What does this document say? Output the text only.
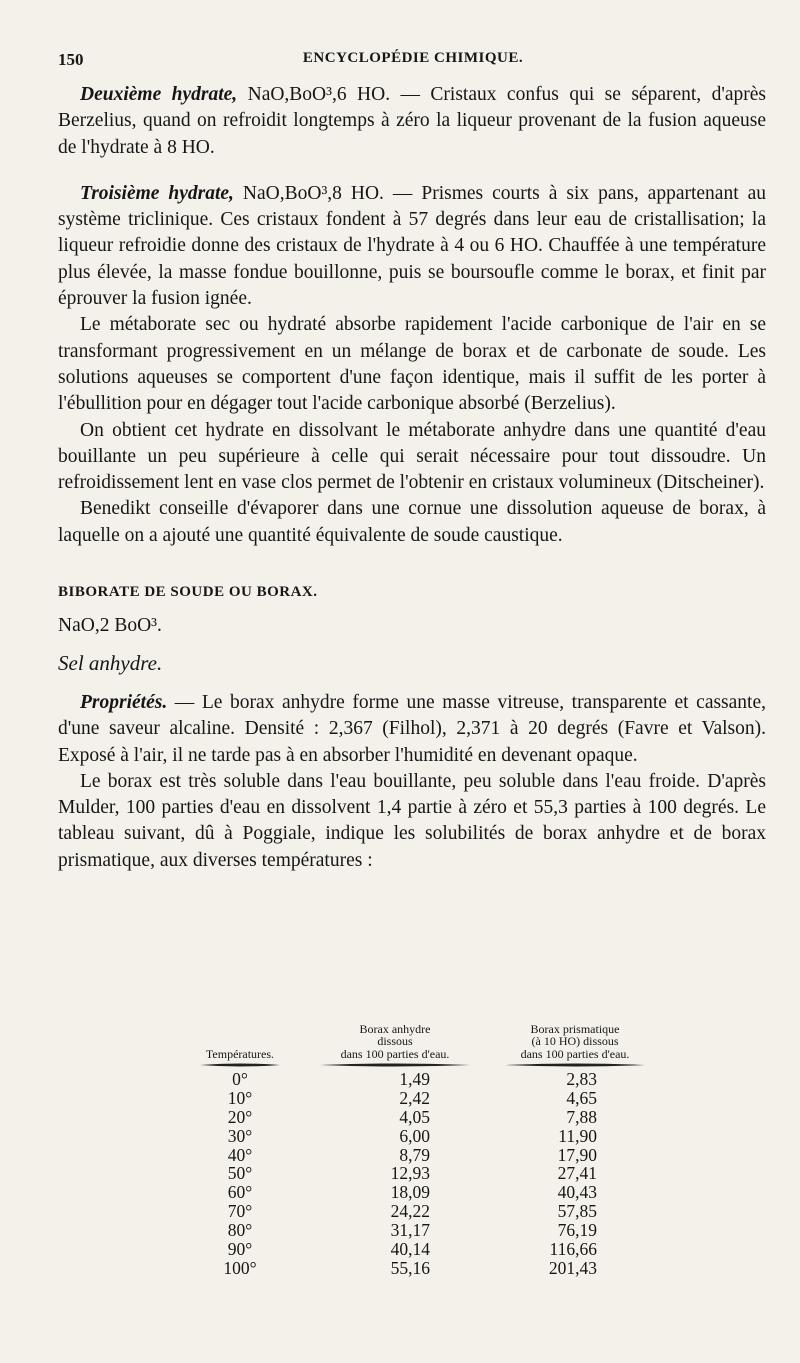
150	ENCYCLOPÉDIE CHIMIQUE.

Deuxième hydrate, NaO,BoO³,6 HO. — Cristaux confus qui se séparent, d'après Berzelius, quand on refroidit longtemps à zéro la liqueur provenant de la fusion aqueuse de l'hydrate à 8 HO.

Troisième hydrate, NaO,BoO³,8 HO. — Prismes courts à six pans, appartenant au système triclinique. Ces cristaux fondent à 57 degrés dans leur eau de cristallisation; la liqueur refroidie donne des cristaux de l'hydrate à 4 ou 6 HO. Chauffée à une température plus élevée, la masse fondue bouillonne, puis se boursoufle comme le borax, et finit par éprouver la fusion ignée.

Le métaborate sec ou hydraté absorbe rapidement l'acide carbonique de l'air en se transformant progressivement en un mélange de borax et de carbonate de soude. Les solutions aqueuses se comportent d'une façon identique, mais il suffit de les porter à l'ébullition pour en dégager tout l'acide carbonique absorbé (Berzelius).

On obtient cet hydrate en dissolvant le métaborate anhydre dans une quantité d'eau bouillante un peu supérieure à celle qui serait nécessaire pour tout dissoudre. Un refroidissement lent en vase clos permet de l'obtenir en cristaux volumineux (Ditscheiner).

Benedikt conseille d'évaporer dans une cornue une dissolution aqueuse de borax, à laquelle on a ajouté une quantité équivalente de soude caustique.

BIBORATE DE SOUDE OU BORAX.

NaO,2 BoO³.

Sel anhydre.

Propriétés. — Le borax anhydre forme une masse vitreuse, transparente et cassante, d'une saveur alcaline. Densité : 2,367 (Filhol), 2,371 à 20 degrés (Favre et Valson). Exposé à l'air, il ne tarde pas à en absorber l'humidité en devenant opaque.

Le borax est très soluble dans l'eau bouillante, peu soluble dans l'eau froide. D'après Mulder, 100 parties d'eau en dissolvent 1,4 partie à zéro et 55,3 parties à 100 degrés. Le tableau suivant, dû à Poggiale, indique les solubilités de borax anhydre et de borax prismatique, aux diverses températures :

Températures.
Borax anhydre
dissous
dans 100 parties d'eau.
Borax prismatique
(à 10 HO) dissous
dans 100 parties d'eau.
0°	1,49	2,83
10°	2,42	4,65
20°	4,05	7,88
30°	6,00	11,90
40°	8,79	17,90
50°	12,93	27,41
60°	18,09	40,43
70°	24,22	57,85
80°	31,17	76,19
90°	40,14	116,66
100°	55,16	201,43
